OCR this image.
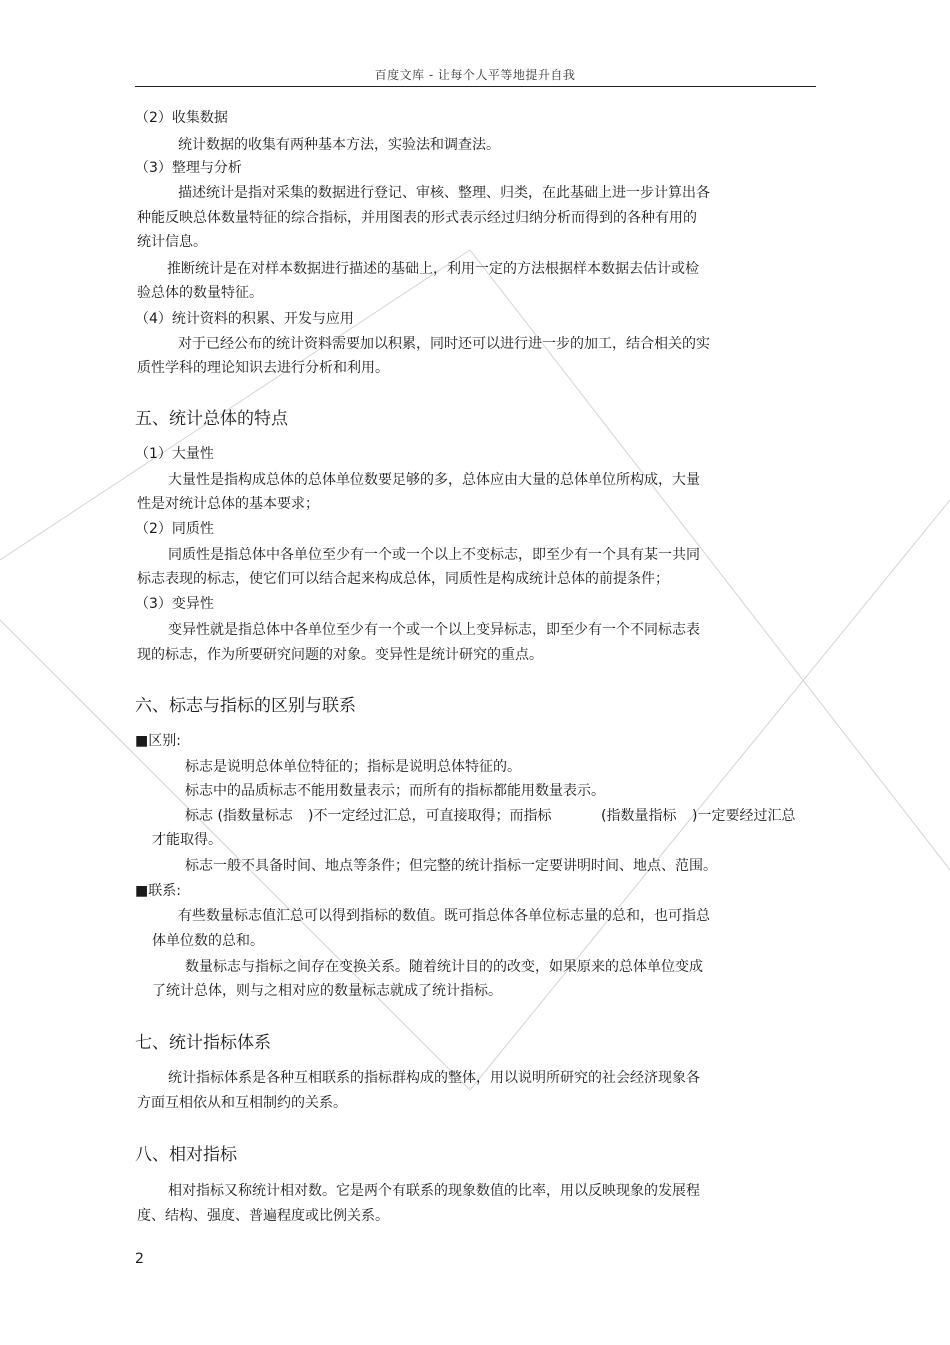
百度文库 - 让每个人平等地提升自我
（2）收集数据
统计数据的收集有两种基本方法，实验法和调查法。
（3）整理与分析
描述统计是指对采集的数据进行登记、审核、整理、归类，在此基础上进一步计算出各
种能反映总体数量特征的综合指标，并用图表的形式表示经过归纳分析而得到的各种有用的
统计信息。
推断统计是在对样本数据进行描述的基础上，利用一定的方法根据样本数据去估计或检
验总体的数量特征。
（4）统计资料的积累、开发与应用
对于已经公布的统计资料需要加以积累，同时还可以进行进一步的加工，结合相关的实
质性学科的理论知识去进行分析和利用。
五、统计总体的特点
（1）大量性
大量性是指构成总体的总体单位数要足够的多，总体应由大量的总体单位所构成，大量
性是对统计总体的基本要求；
（2）同质性
同质性是指总体中各单位至少有一个或一个以上不变标志，即至少有一个具有某一共同
标志表现的标志，使它们可以结合起来构成总体，同质性是构成统计总体的前提条件；
（3）变异性
变异性就是指总体中各单位至少有一个或一个以上变异标志，即至少有一个不同标志表
现的标志，作为所要研究问题的对象。变异性是统计研究的重点。
六、标志与指标的区别与联系
■区别:
标志是说明总体单位特征的；指标是说明总体特征的。
标志中的品质标志不能用数量表示；而所有的指标都能用数量表示。
标志 (指数量标志 )不一定经过汇总，可直接取得；而指标	(指数量指标 )一定要经过汇总
才能取得。
标志一般不具备时间、地点等条件；但完整的统计指标一定要讲明时间、地点、范围。
■联系:
有些数量标志值汇总可以得到指标的数值。既可指总体各单位标志量的总和，也可指总
体单位数的总和。
数量标志与指标之间存在变换关系。随着统计目的的改变，如果原来的总体单位变成
了统计总体，则与之相对应的数量标志就成了统计指标。
七、统计指标体系
统计指标体系是各种互相联系的指标群构成的整体，用以说明所研究的社会经济现象各
方面互相依从和互相制约的关系。
八、相对指标
相对指标又称统计相对数。它是两个有联系的现象数值的比率，用以反映现象的发展程
度、结构、强度、普遍程度或比例关系。
2
